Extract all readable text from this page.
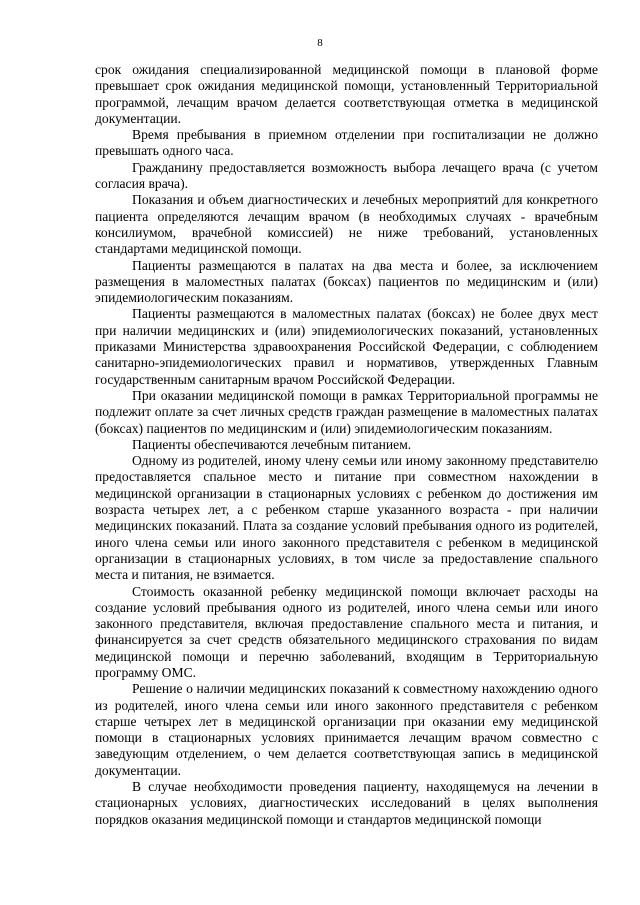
8

срок ожидания специализированной медицинской помощи в плановой форме превышает срок ожидания медицинской помощи, установленный Территориальной программой, лечащим врачом делается соответствующая отметка в медицинской документации.

Время пребывания в приемном отделении при госпитализации не должно превышать одного часа.

Гражданину предоставляется возможность выбора лечащего врача (с учетом согласия врача).

Показания и объем диагностических и лечебных мероприятий для конкретного пациента определяются лечащим врачом (в необходимых случаях - врачебным консилиумом, врачебной комиссией) не ниже требований, установленных стандартами медицинской помощи.

Пациенты размещаются в палатах на два места и более, за исключением размещения в маломестных палатах (боксах) пациентов по медицинским и (или) эпидемиологическим показаниям.

Пациенты размещаются в маломестных палатах (боксах) не более двух мест при наличии медицинских и (или) эпидемиологических показаний, установленных приказами Министерства здравоохранения Российской Федерации, с соблюдением санитарно-эпидемиологических правил и нормативов, утвержденных Главным государственным санитарным врачом Российской Федерации.

При оказании медицинской помощи в рамках Территориальной программы не подлежит оплате за счет личных средств граждан размещение в маломестных палатах (боксах) пациентов по медицинским и (или) эпидемиологическим показаниям.

Пациенты обеспечиваются лечебным питанием.

Одному из родителей, иному члену семьи или иному законному представителю предоставляется спальное место и питание при совместном нахождении в медицинской организации в стационарных условиях с ребенком до достижения им возраста четырех лет, а с ребенком старше указанного возраста - при наличии медицинских показаний. Плата за создание условий пребывания одного из родителей, иного члена семьи или иного законного представителя с ребенком в медицинской организации в стационарных условиях, в том числе за предоставление спального места и питания, не взимается.

Стоимость оказанной ребенку медицинской помощи включает расходы на создание условий пребывания одного из родителей, иного члена семьи или иного законного представителя, включая предоставление спального места и питания, и финансируется за счет средств обязательного медицинского страхования по видам медицинской помощи и перечню заболеваний, входящим в Территориальную программу ОМС.

Решение о наличии медицинских показаний к совместному нахождению одного из родителей, иного члена семьи или иного законного представителя с ребенком старше четырех лет в медицинской организации при оказании ему медицинской помощи в стационарных условиях принимается лечащим врачом совместно с заведующим отделением, о чем делается соответствующая запись в медицинской документации.

В случае необходимости проведения пациенту, находящемуся на лечении в стационарных условиях, диагностических исследований в целях выполнения порядков оказания медицинской помощи и стандартов медицинской помощи
